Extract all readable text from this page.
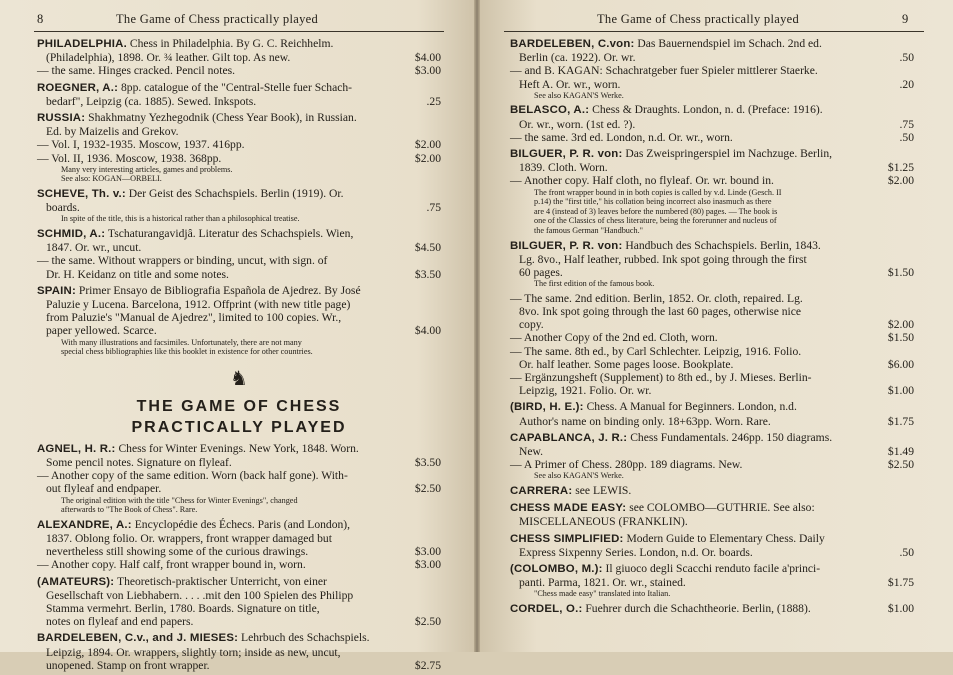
8	The Game of Chess practically played
PHILADELPHIA. Chess in Philadelphia. By G. C. Reichhelm.
(Philadelphia), 1898. Or. ¾ leather. Gilt top. As new.	$4.00
— the same. Hinges cracked. Pencil notes.	$3.00
ROEGNER, A.: 8pp. catalogue of the "Central-Stelle fuer Schach-
bedarf", Leipzig (ca. 1885). Sewed. Inkspots.	.25
RUSSIA: Shakhmatny Yezhegodnik (Chess Year Book), in Russian.
Ed. by Maizelis and Grekov.
— Vol. I, 1932-1935. Moscow, 1937. 416pp.	$2.00
— Vol. II, 1936. Moscow, 1938. 368pp.	$2.00
Many very interesting articles, games and problems.
See also: KOGAN—ORBELI.
SCHEVE, Th. v.: Der Geist des Schachspiels. Berlin (1919). Or.
boards.	.75
In spite of the title, this is a historical rather than a philosophical treatise.
SCHMID, A.: Tschaturangavidjâ. Literatur des Schachspiels. Wien,
1847. Or. wr., uncut.	$4.50
— the same. Without wrappers or binding, uncut, with sign. of
Dr. H. Keidanz on title and some notes.	$3.50
SPAIN: Primer Ensayo de Bibliografia Española de Ajedrez. By José
Paluzie y Lucena. Barcelona, 1912. Offprint (with new title page)
from Paluzie's "Manual de Ajedrez", limited to 100 copies. Wr.,
paper yellowed. Scarce.	$4.00
With many illustrations and facsimiles. Unfortunately, there are not many
special chess bibliographies like this booklet in existence for other countries.
♞
THE GAME OF CHESS
PRACTICALLY PLAYED
AGNEL, H. R.: Chess for Winter Evenings. New York, 1848. Worn.
Some pencil notes. Signature on flyleaf.	$3.50
— Another copy of the same edition. Worn (back half gone). With-
out flyleaf and endpaper.	$2.50
The original edition with the title "Chess for Winter Evenings", changed
afterwards to "The Book of Chess". Rare.
ALEXANDRE, A.: Encyclopédie des Échecs. Paris (and London),
1837. Oblong folio. Or. wrappers, front wrapper damaged but
nevertheless still showing some of the curious drawings.	$3.00
— Another copy. Half calf, front wrapper bound in, worn.	$3.00
(AMATEURS): Theoretisch-praktischer Unterricht, von einer
Gesellschaft von Liebhabern. . . . .mit den 100 Spielen des Philipp
Stamma vermehrt. Berlin, 1780. Boards. Signature on title,
notes on flyleaf and end papers.	$2.50
BARDELEBEN, C.v., and J. MIESES: Lehrbuch des Schachspiels.
Leipzig, 1894. Or. wrappers, slightly torn; inside as new, uncut,
unopened. Stamp on front wrapper.	$2.75
The Game of Chess practically played	9
BARDELEBEN, C.von: Das Bauernendspiel im Schach. 2nd ed.
Berlin (ca. 1922). Or. wr.	.50
— and B. KAGAN: Schachratgeber fuer Spieler mittlerer Staerke.
Heft A. Or. wr., worn.	.20
See also KAGAN'S Werke.
BELASCO, A.: Chess & Draughts. London, n. d. (Preface: 1916).
Or. wr., worn. (1st ed. ?).	.75
— the same. 3rd ed. London, n.d. Or. wr., worn.	.50
BILGUER, P. R. von: Das Zweispringerspiel im Nachzuge. Berlin,
1839. Cloth. Worn.	$1.25
— Another copy. Half cloth, no flyleaf. Or. wr. bound in.	$2.00
The front wrapper bound in in both copies is called by v.d. Linde (Gesch. II
p.14) the "first title," his collation being incorrect also inasmuch as there
are 4 (instead of 3) leaves before the numbered (80) pages. — The book is
one of the Classics of chess literature, being the forerunner and nucleus of
the famous German "Handbuch."
BILGUER, P. R. von: Handbuch des Schachspiels. Berlin, 1843.
Lg. 8vo., Half leather, rubbed. Ink spot going through the first
60 pages.	$1.50
The first edition of the famous book.
— The same. 2nd edition. Berlin, 1852. Or. cloth, repaired. Lg.
8vo. Ink spot going through the last 60 pages, otherwise nice
copy.	$2.00
— Another Copy of the 2nd ed. Cloth, worn.	$1.50
— The same. 8th ed., by Carl Schlechter. Leipzig, 1916. Folio.
Or. half leather. Some pages loose. Bookplate.	$6.00
— Ergänzungsheft (Supplement) to 8th ed., by J. Mieses. Berlin-
Leipzig, 1921. Folio. Or. wr.	$1.00
(BIRD, H. E.): Chess. A Manual for Beginners. London, n.d.
Author's name on binding only. 18+63pp. Worn. Rare.	$1.75
CAPABLANCA, J. R.: Chess Fundamentals. 246pp. 150 diagrams.
New.	$1.49
— A Primer of Chess. 280pp. 189 diagrams. New.	$2.50
See also KAGAN'S Werke.
CARRERA: see LEWIS.
CHESS MADE EASY: see COLOMBO—GUTHRIE. See also:
MISCELLANEOUS (FRANKLIN).
CHESS SIMPLIFIED: Modern Guide to Elementary Chess. Daily
Express Sixpenny Series. London, n.d. Or. boards.	.50
(COLOMBO, M.): Il giuoco degli Scacchi renduto facile a'princi-
panti. Parma, 1821. Or. wr., stained.	$1.75
"Chess made easy" translated into Italian.
CORDEL, O.: Fuehrer durch die Schachtheorie. Berlin, (1888).	$1.00
